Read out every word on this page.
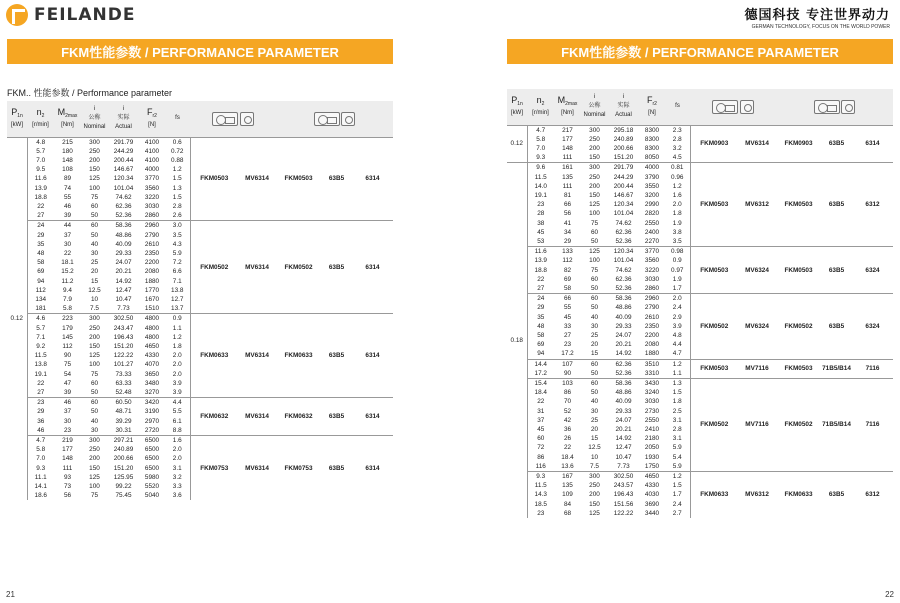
FEILANDE	德国科技 专注世界动力
GERMAN TECHNOLOGY, FOCUS ON THE WORLD POWER
FKM性能参数 / PERFORMANCE PARAMETER	FKM性能参数 / PERFORMANCE PARAMETER
FKM.. 性能参数 / Performance parameter
$P_{1n}$
[kW]	$n_2$
[r/min]	$M_{2max}$
[Nm]	i
公称
Nominal	i
实际
Actual	$F_{r2}$
[N]	fs					
0.12	4.8	215	300	291.79	4100	0.6	FKM0503	MV6314	FKM0503	63B5	6314
	5.7	180	250	244.29	4100	0.72					
	7.0	148	200	200.44	4100	0.88					
	9.5	108	150	146.67	4000	1.2					
	11.6	89	125	120.34	3770	1.5					
	13.9	74	100	101.04	3560	1.3					
	18.8	55	75	74.62	3220	1.5					
	22	46	60	62.36	3030	2.8					
	27	39	50	52.36	2860	2.6					
	24	44	60	58.36	2960	3.0	FKM0502	MV6314	FKM0502	63B5	6314
	29	37	50	48.86	2790	3.5					
	35	30	40	40.09	2610	4.3					
	48	22	30	29.33	2350	5.9					
	58	18.1	25	24.07	2200	7.2					
	69	15.2	20	20.21	2080	6.6					
	94	11.2	15	14.92	1880	7.1					
	112	9.4	12.5	12.47	1770	13.8					
	134	7.9	10	10.47	1670	12.7					
	181	5.8	7.5	7.73	1510	13.7					
	4.6	223	300	302.50	4800	0.9	FKM0633	MV6314	FKM0633	63B5	6314
	5.7	179	250	243.47	4800	1.1					
	7.1	145	200	196.43	4800	1.2					
	9.2	112	150	151.20	4650	1.8					
	11.5	90	125	122.22	4330	2.0					
	13.8	75	100	101.27	4070	2.0					
	19.1	54	75	73.33	3650	2.0					
	22	47	60	63.33	3480	3.9					
	27	39	50	52.48	3270	3.9					
	23	46	60	60.50	3420	4.4	FKM0632	MV6314	FKM0632	63B5	6314
	29	37	50	48.71	3190	5.5					
	36	30	40	39.29	2970	6.1					
	46	23	30	30.31	2720	8.8					
	4.7	219	300	297.21	6500	1.6	FKM0753	MV6314	FKM0753	63B5	6314
	5.8	177	250	240.89	6500	2.0					
	7.0	148	200	200.66	6500	2.0					
	9.3	111	150	151.20	6500	3.1					
	11.1	93	125	125.95	5980	3.2					
	14.1	73	100	99.22	5520	3.3					
	18.6	56	75	75.45	5040	3.6					
$P_{1n}$
[kW]	$n_2$
[r/min]	$M_{2max}$
[Nm]	i
公称
Nominal	i
实际
Actual	$F_{r2}$
[N]	fs					
0.12	4.7	217	300	295.18	8300	2.3	FKM0903	MV6314	FKM0903	63B5	6314
	5.8	177	250	240.89	8300	2.8					
	7.0	148	200	200.66	8300	3.2					
	9.3	111	150	151.20	8050	4.5					
0.18	9.6	161	300	291.79	4000	0.81	FKM0503	MV6312	FKM0503	63B5	6312
	11.5	135	250	244.29	3790	0.96					
	14.0	111	200	200.44	3550	1.2					
	19.1	81	150	146.67	3200	1.6					
	23	66	125	120.34	2990	2.0					
	28	56	100	101.04	2820	1.8					
	38	41	75	74.62	2550	1.9					
	45	34	60	62.36	2400	3.8					
	53	29	50	52.36	2270	3.5					
	11.6	133	125	120.34	3770	0.98	FKM0503	MV6324	FKM0503	63B5	6324
	13.9	112	100	101.04	3560	0.9					
	18.8	82	75	74.62	3220	0.97					
	22	69	60	62.36	3030	1.9					
	27	58	50	52.36	2860	1.7					
	24	66	60	58.36	2960	2.0	FKM0502	MV6324	FKM0502	63B5	6324
	29	55	50	48.86	2790	2.4					
	35	45	40	40.09	2610	2.9					
	48	33	30	29.33	2350	3.9					
	58	27	25	24.07	2200	4.8					
	69	23	20	20.21	2080	4.4					
	94	17.2	15	14.92	1880	4.7					
	14.4	107	60	62.36	3510	1.2	FKM0503	MV7116	FKM0503	71B5/B14	7116
	17.2	90	50	52.36	3310	1.1					
	15.4	103	60	58.36	3430	1.3	FKM0502	MV7116	FKM0502	71B5/B14	7116
	18.4	86	50	48.86	3240	1.5					
	22	70	40	40.09	3030	1.8					
	31	52	30	29.33	2730	2.5					
	37	42	25	24.07	2550	3.1					
	45	36	20	20.21	2410	2.8					
	60	26	15	14.92	2180	3.1					
	72	22	12.5	12.47	2050	5.9					
	86	18.4	10	10.47	1930	5.4					
	116	13.6	7.5	7.73	1750	5.9					
	9.3	167	300	302.50	4650	1.2	FKM0633	MV6312	FKM0633	63B5	6312
	11.5	135	250	243.57	4330	1.5					
	14.3	109	200	196.43	4030	1.7					
	18.5	84	150	151.56	3690	2.4					
	23	68	125	122.22	3440	2.7					
21	22
